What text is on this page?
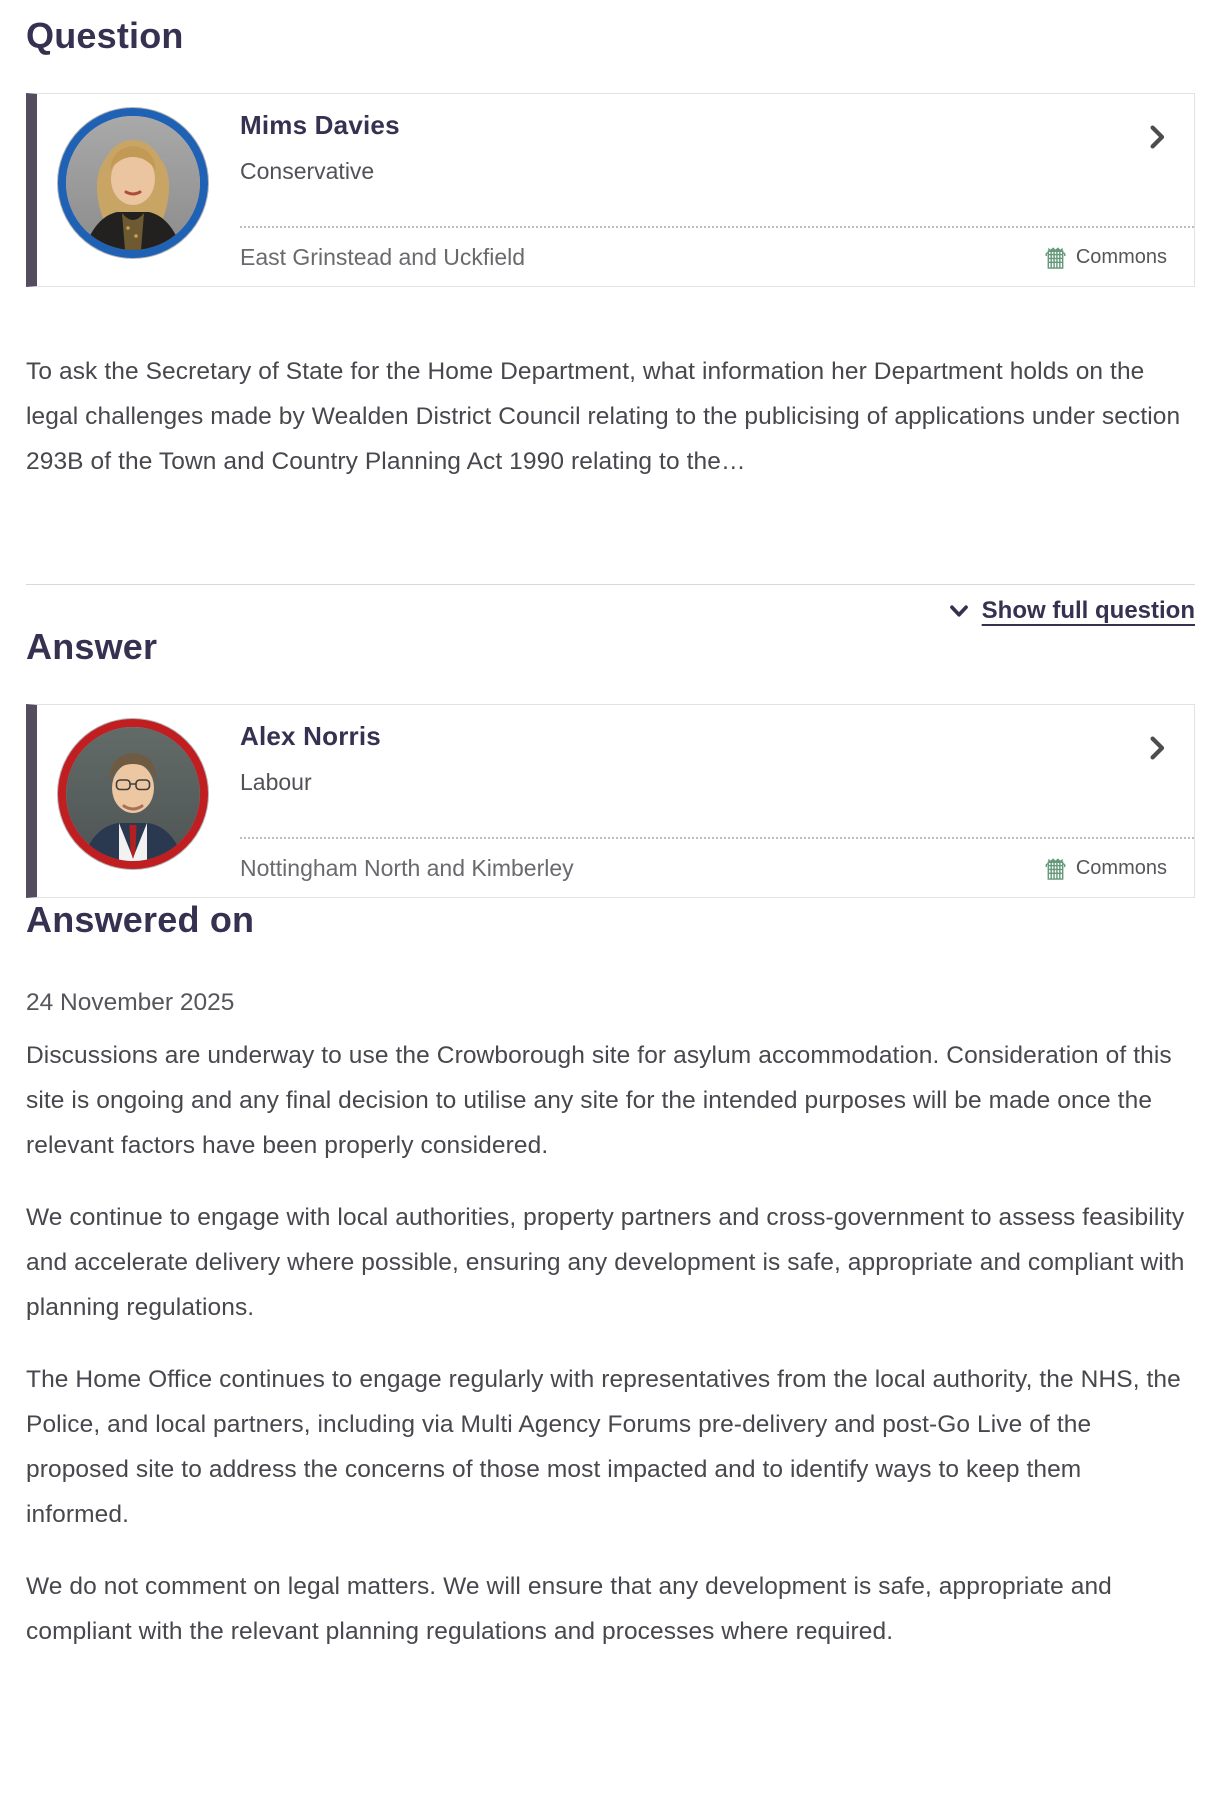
Question
Mims Davies
Conservative
East Grinstead and Uckfield	Commons

To ask the Secretary of State for the Home Department, what information her Department holds on the legal challenges made by Wealden District Council relating to the publicising of applications under section 293B of the Town and Country Planning Act 1990 relating to the…

Show full question
Answer
Alex Norris
Labour
Nottingham North and Kimberley	Commons
Answered on

24 November 2025

Discussions are underway to use the Crowborough site for asylum accommodation. Consideration of this site is ongoing and any final decision to utilise any site for the intended purposes will be made once the relevant factors have been properly considered.

We continue to engage with local authorities, property partners and cross-government to assess feasibility and accelerate delivery where possible, ensuring any development is safe, appropriate and compliant with planning regulations.

The Home Office continues to engage regularly with representatives from the local authority, the NHS, the Police, and local partners, including via Multi Agency Forums pre-delivery and post-Go Live of the proposed site to address the concerns of those most impacted and to identify ways to keep them informed.

We do not comment on legal matters. We will ensure that any development is safe, appropriate and compliant with the relevant planning regulations and processes where required.
